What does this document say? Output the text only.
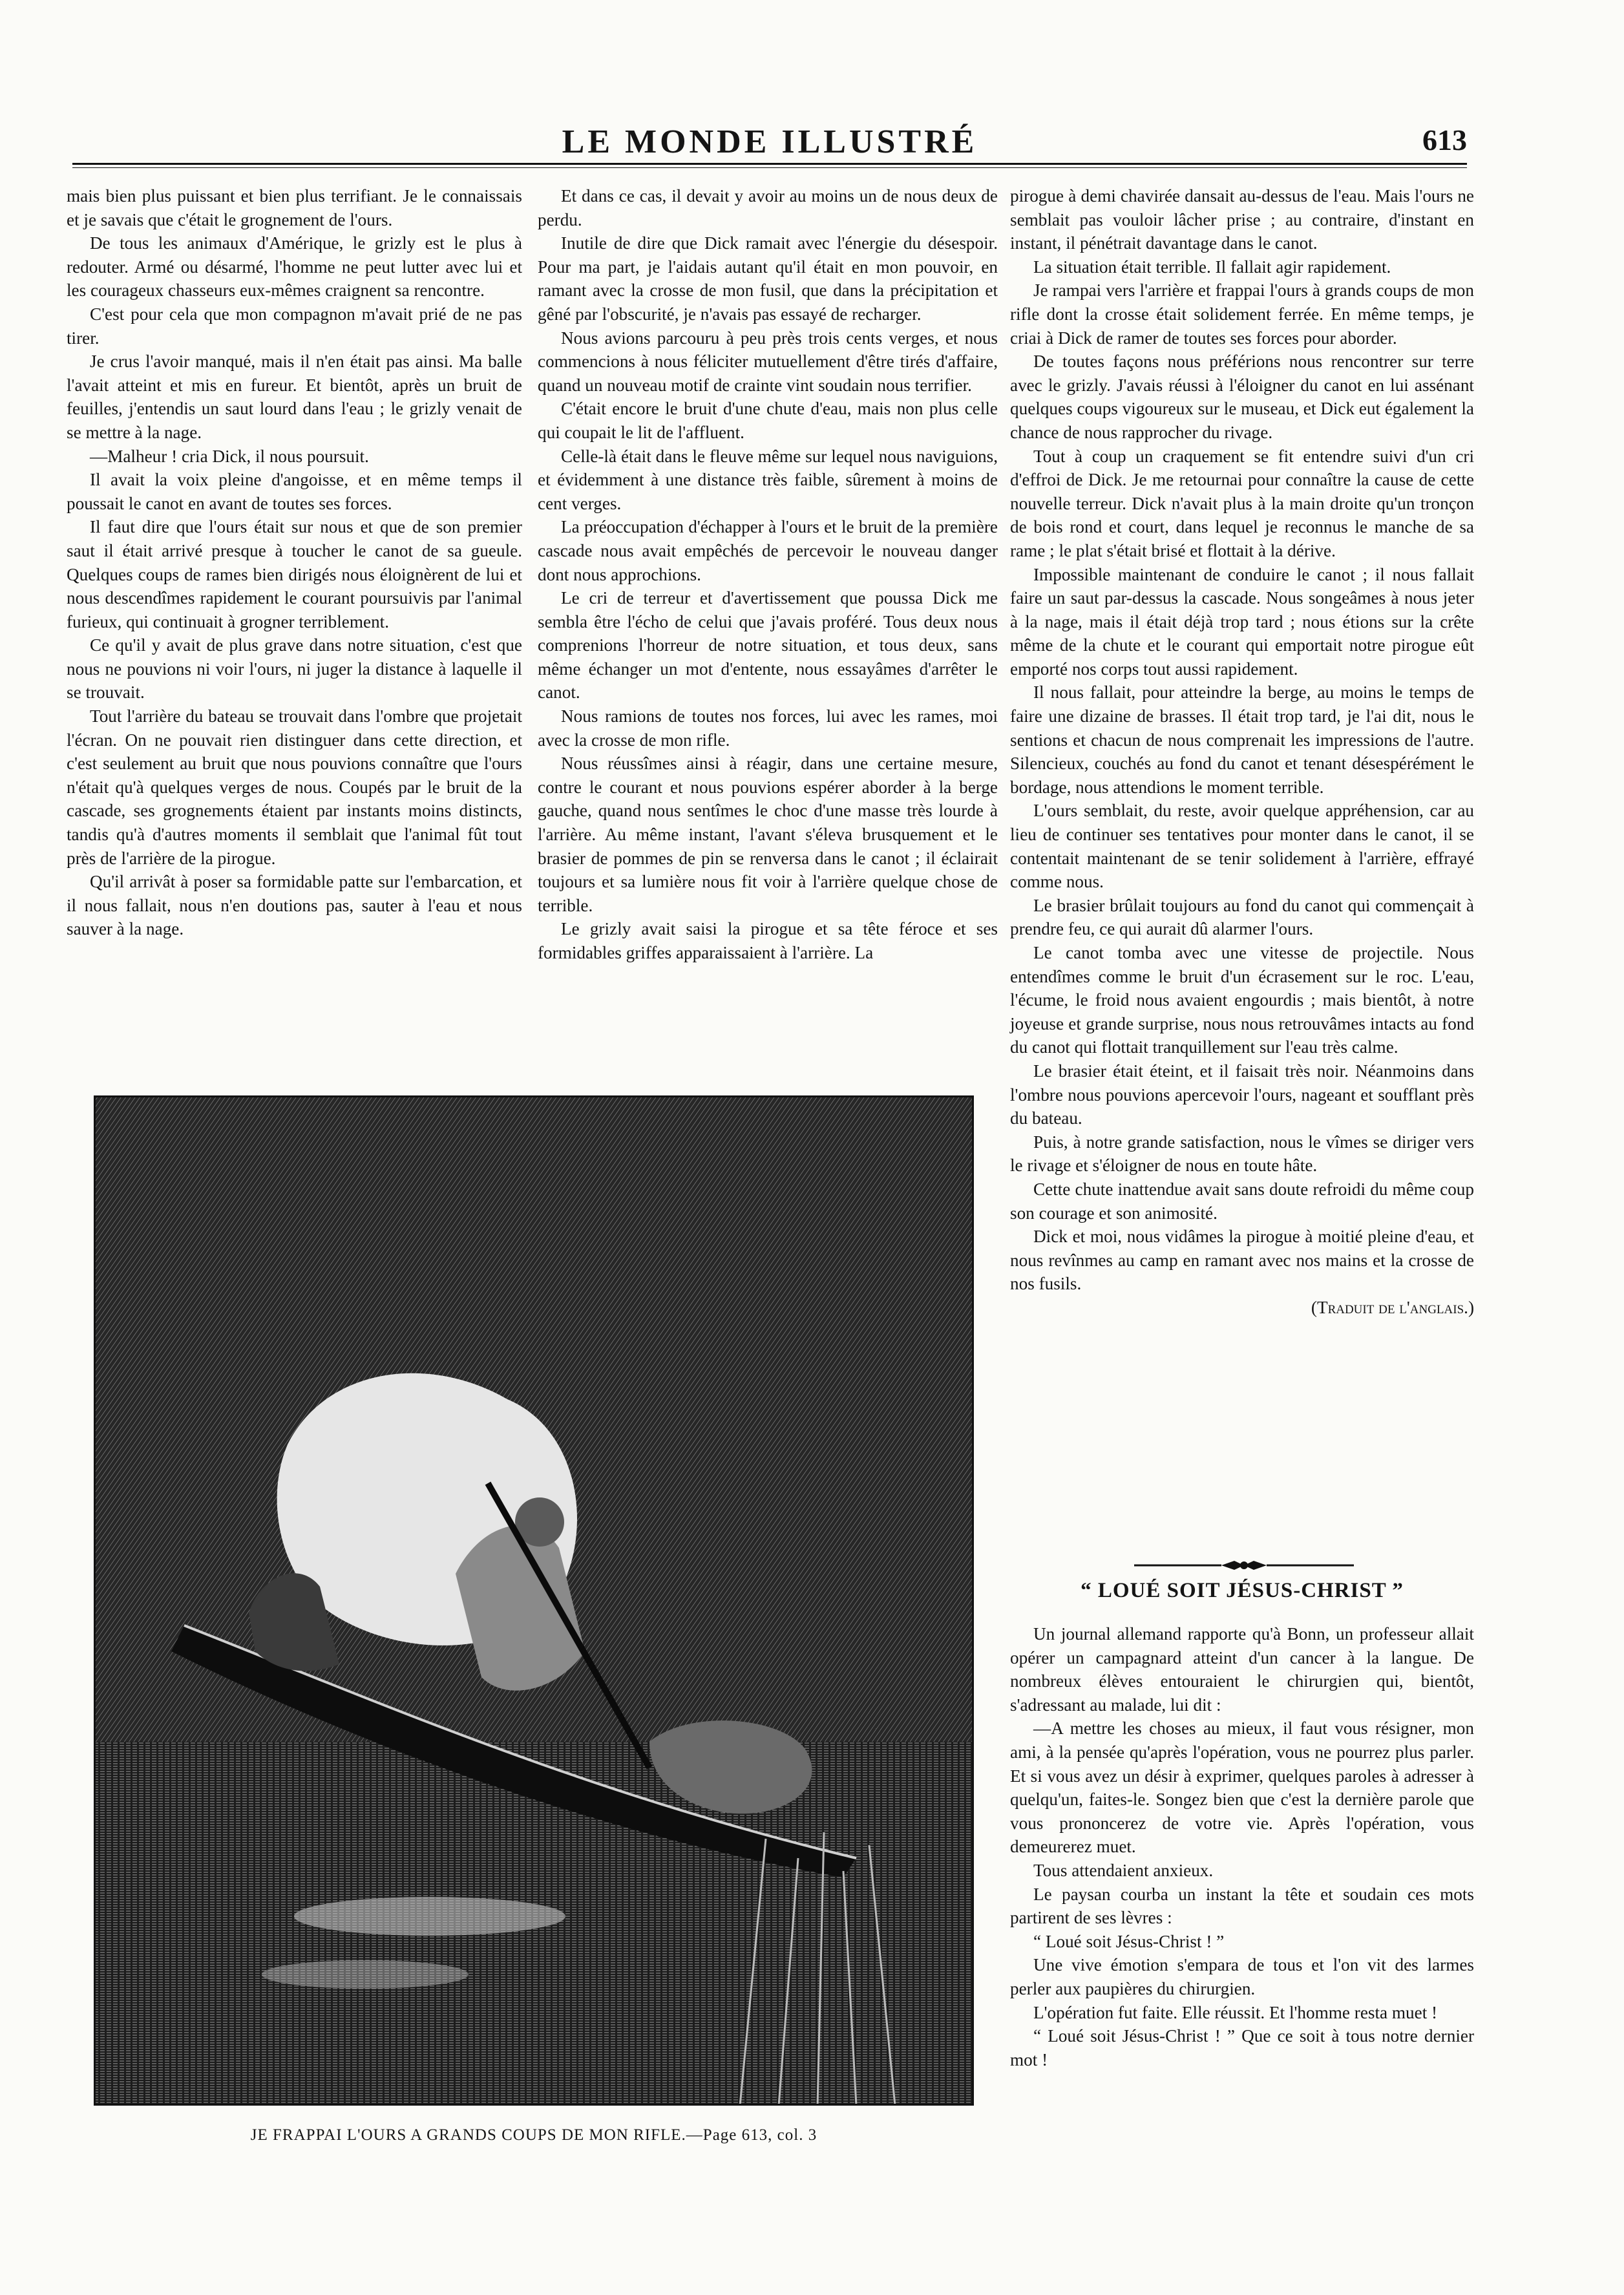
LE MONDE ILLUSTRÉ	613

mais bien plus puissant et bien plus terrifiant. Je le connaissais et je savais que c'était le grognement de l'ours.

De tous les animaux d'Amérique, le grizly est le plus à redouter. Armé ou désarmé, l'homme ne peut lutter avec lui et les courageux chasseurs eux-mêmes craignent sa rencontre.

C'est pour cela que mon compagnon m'avait prié de ne pas tirer.

Je crus l'avoir manqué, mais il n'en était pas ainsi. Ma balle l'avait atteint et mis en fureur. Et bientôt, après un bruit de feuilles, j'entendis un saut lourd dans l'eau ; le grizly venait de se mettre à la nage.

—Malheur ! cria Dick, il nous poursuit.

Il avait la voix pleine d'angoisse, et en même temps il poussait le canot en avant de toutes ses forces.

Il faut dire que l'ours était sur nous et que de son premier saut il était arrivé presque à toucher le canot de sa gueule. Quelques coups de rames bien dirigés nous éloignèrent de lui et nous descendîmes rapidement le courant poursuivis par l'animal furieux, qui continuait à grogner terriblement.

Ce qu'il y avait de plus grave dans notre situation, c'est que nous ne pouvions ni voir l'ours, ni juger la distance à laquelle il se trouvait.

Tout l'arrière du bateau se trouvait dans l'ombre que projetait l'écran. On ne pouvait rien distinguer dans cette direction, et c'est seulement au bruit que nous pouvions connaître que l'ours n'était qu'à quelques verges de nous. Coupés par le bruit de la cascade, ses grognements étaient par instants moins distincts, tandis qu'à d'autres moments il semblait que l'animal fût tout près de l'arrière de la pirogue.

Qu'il arrivât à poser sa formidable patte sur l'embarcation, et il nous fallait, nous n'en doutions pas, sauter à l'eau et nous sauver à la nage.

Et dans ce cas, il devait y avoir au moins un de nous deux de perdu.

Inutile de dire que Dick ramait avec l'énergie du désespoir. Pour ma part, je l'aidais autant qu'il était en mon pouvoir, en ramant avec la crosse de mon fusil, que dans la précipitation et gêné par l'obscurité, je n'avais pas essayé de recharger.

Nous avions parcouru à peu près trois cents verges, et nous commencions à nous féliciter mutuellement d'être tirés d'affaire, quand un nouveau motif de crainte vint soudain nous terrifier.

C'était encore le bruit d'une chute d'eau, mais non plus celle qui coupait le lit de l'affluent.

Celle-là était dans le fleuve même sur lequel nous naviguions, et évidemment à une distance très faible, sûrement à moins de cent verges.

La préoccupation d'échapper à l'ours et le bruit de la première cascade nous avait empêchés de percevoir le nouveau danger dont nous approchions.

Le cri de terreur et d'avertissement que poussa Dick me sembla être l'écho de celui que j'avais proféré. Tous deux nous comprenions l'horreur de notre situation, et tous deux, sans même échanger un mot d'entente, nous essayâmes d'arrêter le canot.

Nous ramions de toutes nos forces, lui avec les rames, moi avec la crosse de mon rifle.

Nous réussîmes ainsi à réagir, dans une certaine mesure, contre le courant et nous pouvions espérer aborder à la berge gauche, quand nous sentîmes le choc d'une masse très lourde à l'arrière. Au même instant, l'avant s'éleva brusquement et le brasier de pommes de pin se renversa dans le canot ; il éclairait toujours et sa lumière nous fit voir à l'arrière quelque chose de terrible.

Le grizly avait saisi la pirogue et sa tête féroce et ses formidables griffes apparaissaient à l'arrière. La

pirogue à demi chavirée dansait au-dessus de l'eau. Mais l'ours ne semblait pas vouloir lâcher prise ; au contraire, d'instant en instant, il pénétrait davantage dans le canot.

La situation était terrible. Il fallait agir rapidement.

Je rampai vers l'arrière et frappai l'ours à grands coups de mon rifle dont la crosse était solidement ferrée. En même temps, je criai à Dick de ramer de toutes ses forces pour aborder.

De toutes façons nous préférions nous rencontrer sur terre avec le grizly. J'avais réussi à l'éloigner du canot en lui assénant quelques coups vigoureux sur le museau, et Dick eut également la chance de nous rapprocher du rivage.

Tout à coup un craquement se fit entendre suivi d'un cri d'effroi de Dick. Je me retournai pour connaître la cause de cette nouvelle terreur. Dick n'avait plus à la main droite qu'un tronçon de bois rond et court, dans lequel je reconnus le manche de sa rame ; le plat s'était brisé et flottait à la dérive.

Impossible maintenant de conduire le canot ; il nous fallait faire un saut par-dessus la cascade. Nous songeâmes à nous jeter à la nage, mais il était déjà trop tard ; nous étions sur la crête même de la chute et le courant qui emportait notre pirogue eût emporté nos corps tout aussi rapidement.

Il nous fallait, pour atteindre la berge, au moins le temps de faire une dizaine de brasses. Il était trop tard, je l'ai dit, nous le sentions et chacun de nous comprenait les impressions de l'autre. Silencieux, couchés au fond du canot et tenant désespérément le bordage, nous attendions le moment terrible.

L'ours semblait, du reste, avoir quelque appréhension, car au lieu de continuer ses tentatives pour monter dans le canot, il se contentait maintenant de se tenir solidement à l'arrière, effrayé comme nous.

Le brasier brûlait toujours au fond du canot qui commençait à prendre feu, ce qui aurait dû alarmer l'ours.

Le canot tomba avec une vitesse de projectile. Nous entendîmes comme le bruit d'un écrasement sur le roc. L'eau, l'écume, le froid nous avaient engourdis ; mais bientôt, à notre joyeuse et grande surprise, nous nous retrouvâmes intacts au fond du canot qui flottait tranquillement sur l'eau très calme.

Le brasier était éteint, et il faisait très noir. Néanmoins dans l'ombre nous pouvions apercevoir l'ours, nageant et soufflant près du bateau.

Puis, à notre grande satisfaction, nous le vîmes se diriger vers le rivage et s'éloigner de nous en toute hâte.

Cette chute inattendue avait sans doute refroidi du même coup son courage et son animosité.

Dick et moi, nous vidâmes la pirogue à moitié pleine d'eau, et nous revînmes au camp en ramant avec nos mains et la crosse de nos fusils.

(Traduit de l'anglais.)

“ LOUÉ SOIT JÉSUS-CHRIST ”

Un journal allemand rapporte qu'à Bonn, un professeur allait opérer un campagnard atteint d'un cancer à la langue. De nombreux élèves entouraient le chirurgien qui, bientôt, s'adressant au malade, lui dit :

—A mettre les choses au mieux, il faut vous résigner, mon ami, à la pensée qu'après l'opération, vous ne pourrez plus parler. Et si vous avez un désir à exprimer, quelques paroles à adresser à quelqu'un, faites-le. Songez bien que c'est la dernière parole que vous prononcerez de votre vie. Après l'opération, vous demeurerez muet.

Tous attendaient anxieux.

Le paysan courba un instant la tête et soudain ces mots partirent de ses lèvres :

“ Loué soit Jésus-Christ ! ”

Une vive émotion s'empara de tous et l'on vit des larmes perler aux paupières du chirurgien.

L'opération fut faite. Elle réussit. Et l'homme resta muet !

“ Loué soit Jésus-Christ ! ” Que ce soit à tous notre dernier mot !

JE FRAPPAI L'OURS A GRANDS COUPS DE MON RIFLE.—Page 613, col. 3
